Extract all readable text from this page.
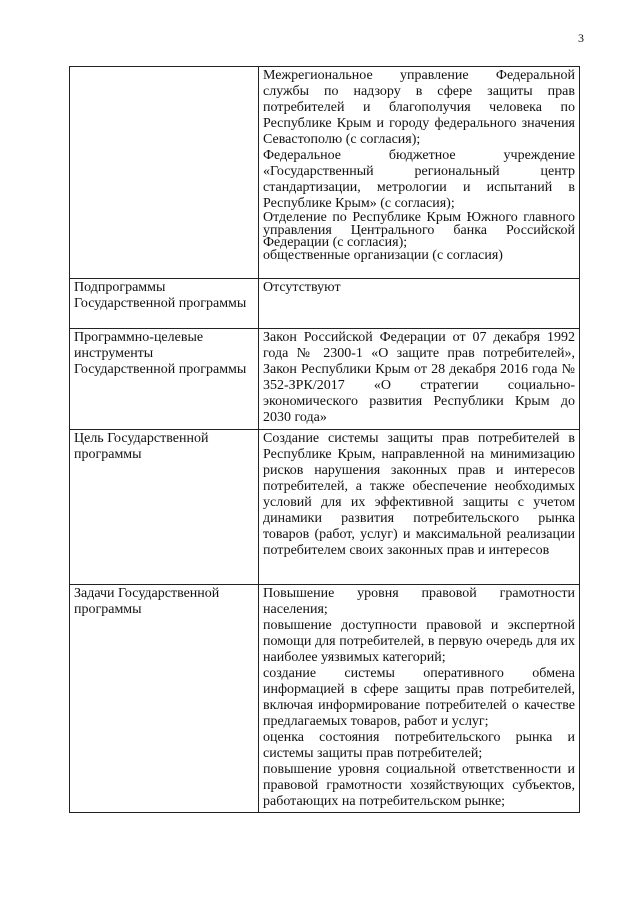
3

	Межрегиональное управление Федеральной службы по надзору в сфере защиты прав потребителей и благополучия человека по Республике Крым и городу федерального значения Севастополю (с согласия);
Федеральное бюджетное учреждение «Государственный региональный центр стандартизации, метрологии и испытаний в Республике Крым» (с согласия);
Отделение по Республике Крым Южного главного управления Центрального банка Российской Федерации (с согласия);
общественные организации (с согласия)

Подпрограммы Государственной программы	Отсутствуют

Программно-целевые инструменты Государственной программы	Закон Российской Федерации от 07 декабря 1992 года № 2300-1 «О защите прав потребителей», Закон Республики Крым от 28 декабря 2016 года № 352-ЗРК/2017 «О стратегии социально-экономического развития Республики Крым до 2030 года»

Цель Государственной программы	Создание системы защиты прав потребителей в Республике Крым, направленной на минимизацию рисков нарушения законных прав и интересов потребителей, а также обеспечение необходимых условий для их эффективной защиты с учетом динамики развития потребительского рынка товаров (работ, услуг) и максимальной реализации потребителем своих законных прав и интересов

Задачи Государственной программы	Повышение уровня правовой грамотности населения;
повышение доступности правовой и экспертной помощи для потребителей, в первую очередь для их наиболее уязвимых категорий;
создание системы оперативного обмена информацией в сфере защиты прав потребителей, включая информирование потребителей о качестве предлагаемых товаров, работ и услуг;
оценка состояния потребительского рынка и системы защиты прав потребителей;
повышение уровня социальной ответственности и правовой грамотности хозяйствующих субъектов, работающих на потребительском рынке;
